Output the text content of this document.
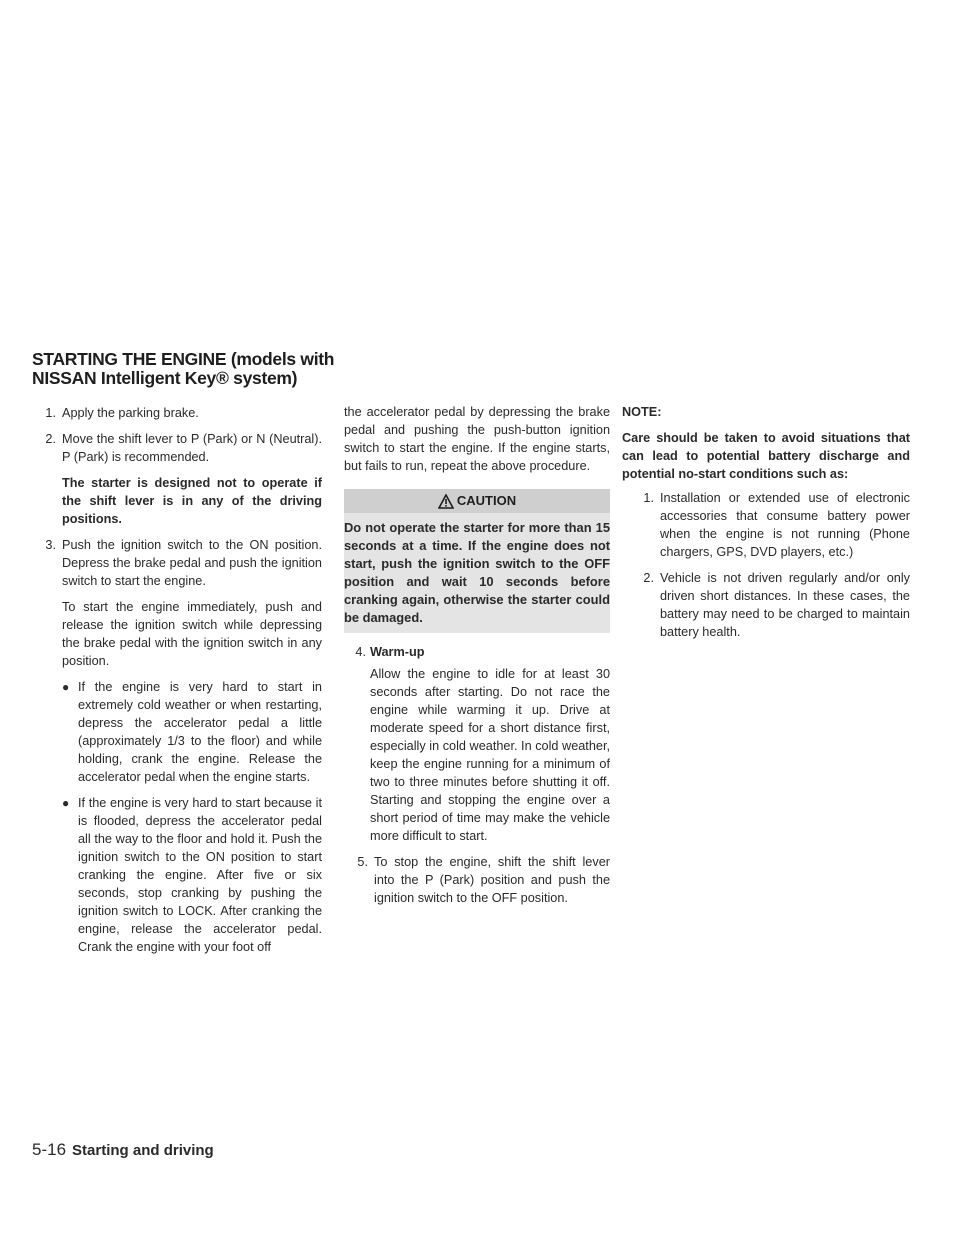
STARTING THE ENGINE (models with
NISSAN Intelligent Key® system)
1. Apply the parking brake.
2. Move the shift lever to P (Park) or N (Neutral). P (Park) is recommended.

The starter is designed not to operate if the shift lever is in any of the driving positions.

3. Push the ignition switch to the ON position. Depress the brake pedal and push the ignition switch to start the engine.

To start the engine immediately, push and release the ignition switch while depressing the brake pedal with the ignition switch in any position.

● If the engine is very hard to start in extremely cold weather or when restarting, depress the accelerator pedal a little (approximately 1/3 to the floor) and while holding, crank the engine. Release the accelerator pedal when the engine starts.
● If the engine is very hard to start because it is flooded, depress the accelerator pedal all the way to the floor and hold it. Push the ignition switch to the ON position to start cranking the engine. After five or six seconds, stop cranking by pushing the ignition switch to LOCK. After cranking the engine, release the accelerator pedal. Crank the engine with your foot off

the accelerator pedal by depressing the brake pedal and pushing the push-button ignition switch to start the engine. If the engine starts, but fails to run, repeat the above procedure.

CAUTION
Do not operate the starter for more than 15 seconds at a time. If the engine does not start, push the ignition switch to the OFF position and wait 10 seconds before cranking again, otherwise the starter could be damaged.
4. Warm-up

Allow the engine to idle for at least 30 seconds after starting. Do not race the engine while warming it up. Drive at moderate speed for a short distance first, especially in cold weather. In cold weather, keep the engine running for a minimum of two to three minutes before shutting it off. Starting and stopping the engine over a short period of time may make the vehicle more difficult to start.

5. To stop the engine, shift the shift lever into the P (Park) position and push the ignition switch to the OFF position.
NOTE:

Care should be taken to avoid situations that can lead to potential battery discharge and potential no-start conditions such as:

1. Installation or extended use of electronic accessories that consume battery power when the engine is not running (Phone chargers, GPS, DVD players, etc.)
2. Vehicle is not driven regularly and/or only driven short distances. In these cases, the battery may need to be charged to maintain battery health.
5-16 Starting and driving
